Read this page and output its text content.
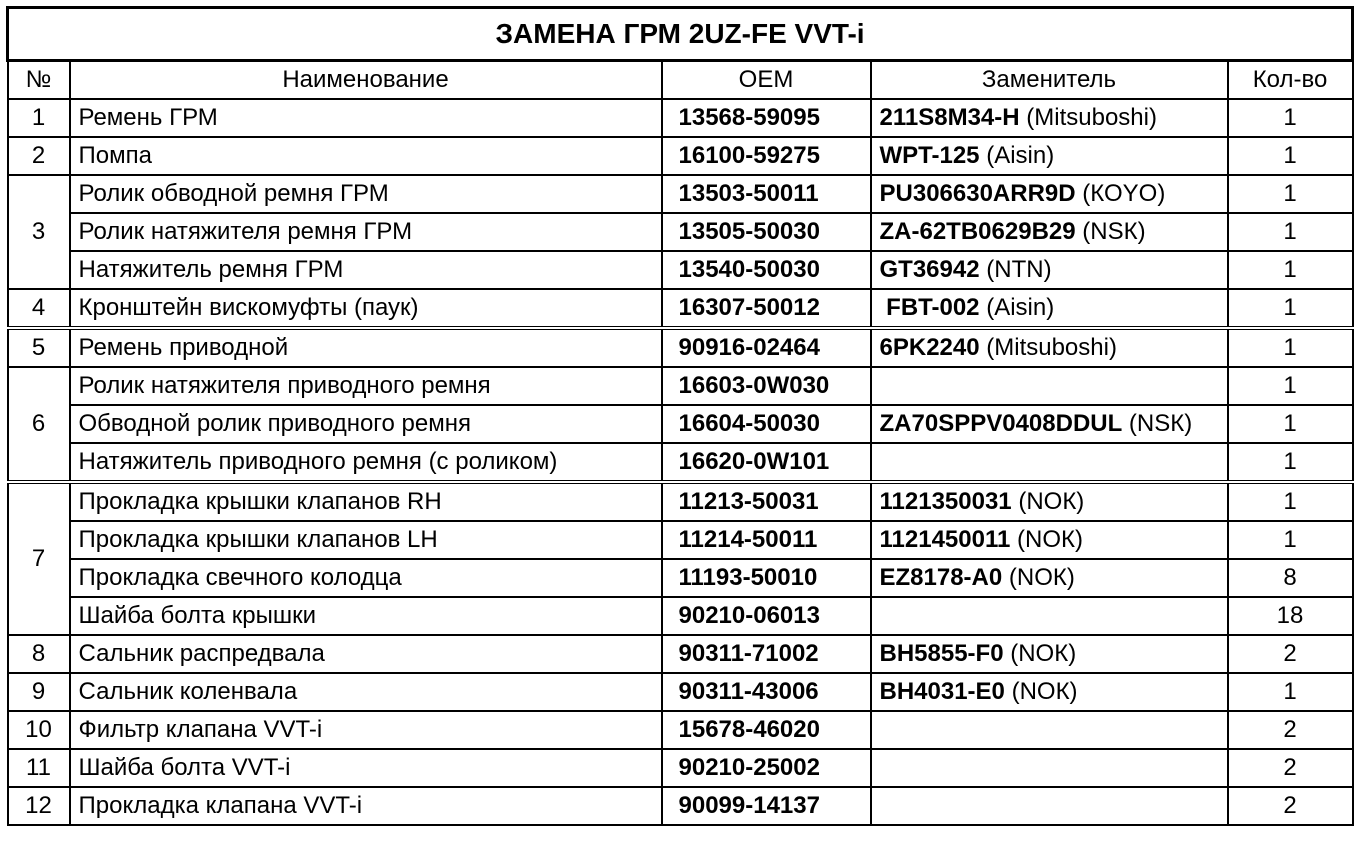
ЗАМЕНА ГРМ 2UZ-FE VVT-i				
№	Наименование	OEM	Заменитель	Кол-во
1	Ремень ГРМ	13568-59095	211S8M34-H (Mitsuboshi)	1
2	Помпа	16100-59275	WPT-125 (Aisin)	1
3	Ролик обводной ремня ГРМ	13503-50011	PU306630ARR9D (КОYO)	1
	Ролик натяжителя ремня ГРМ	13505-50030	ZA-62TB0629B29 (NSК)	1
	Натяжитель ремня ГРМ	13540-50030	GT36942 (NTN)	1
4	Кронштейн вискомуфты (паук)	16307-50012	FBT-002 (Aisin)	1
5	Ремень приводной	90916-02464	6PK2240 (Mitsuboshi)	1
6	Ролик натяжителя приводного ремня	16603-0W030		1
	Обводной ролик приводного ремня	16604-50030	ZA70SPPV0408DDUL (NSК)	1
	Натяжитель приводного ремня (с роликом)	16620-0W101		1
7	Прокладка крышки клапанов RH	11213-50031	1121350031 (NOК)	1
	Прокладка крышки клапанов LH	11214-50011	1121450011 (NOК)	1
	Прокладка свечного колодца	11193-50010	EZ8178-A0 (NOК)	8
	Шайба болта крышки	90210-06013		18
8	Сальник распредвала	90311-71002	BH5855-F0 (NOК)	2
9	Сальник коленвала	90311-43006	BH4031-E0 (NOК)	1
10	Фильтр клапана VVT-i	15678-46020		2
11	Шайба болта VVT-i	90210-25002		2
12	Прокладка клапана VVT-i	90099-14137		2
